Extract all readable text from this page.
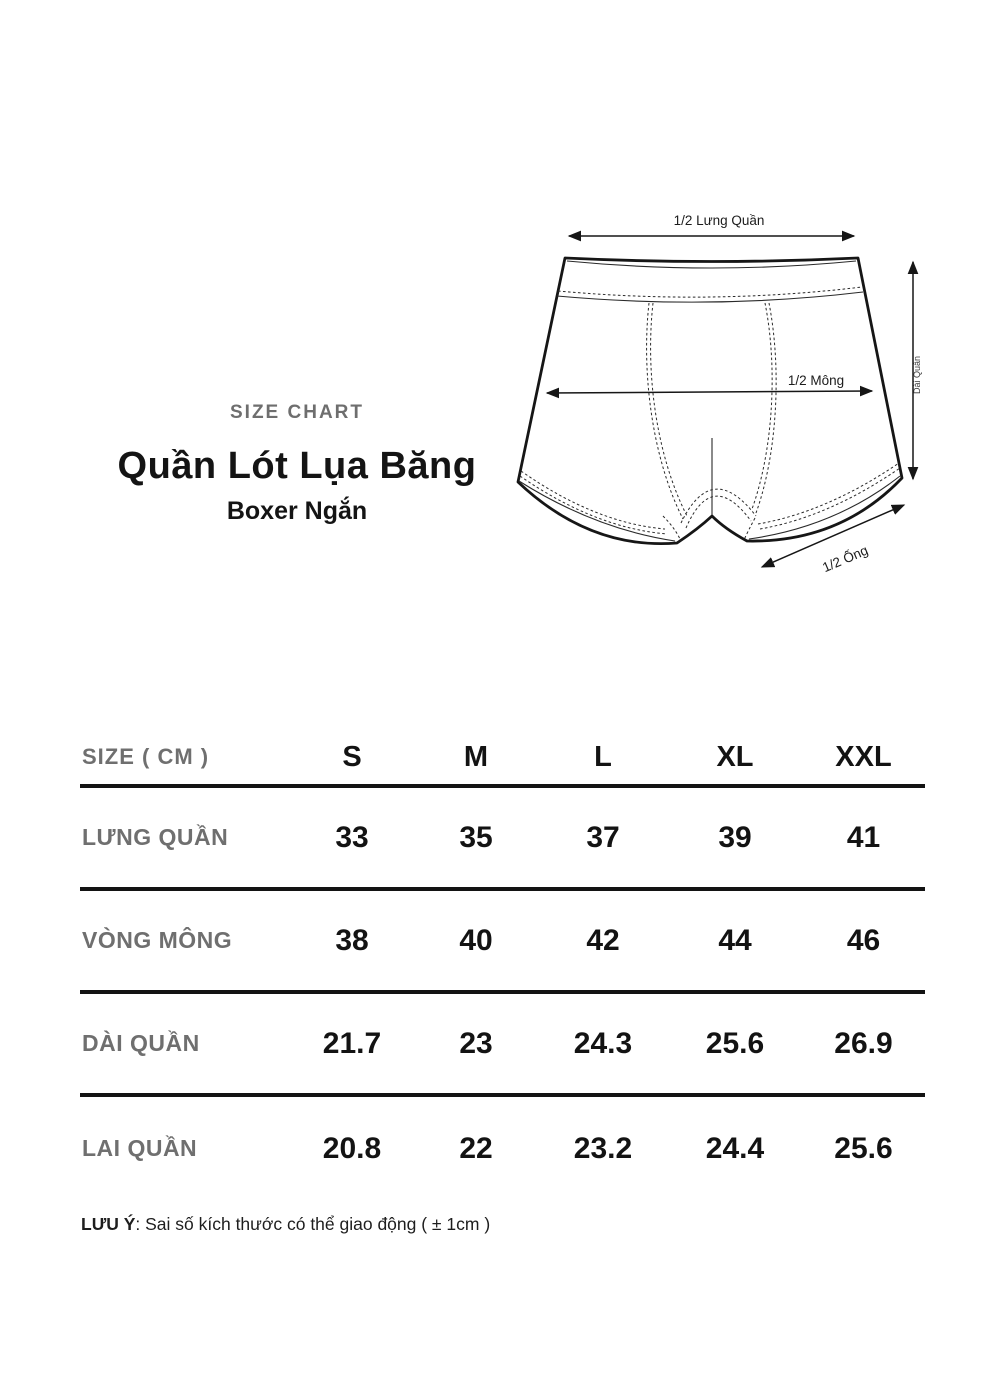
SIZE CHART
Quần Lót Lụa Băng
Boxer Ngắn
1/2 Lưng Quần
1/2 Mông
1/2 Ống
Dài Quần
SIZE ( CM )	S	M	L	XL	XXL
LƯNG QUẦN	33	35	37	39	41
VÒNG MÔNG	38	40	42	44	46
DÀI QUẦN	21.7	23	24.3	25.6	26.9
LAI QUẦN	20.8	22	23.2	24.4	25.6
LƯU Ý: Sai số kích thước có thể giao động ( ± 1cm )
